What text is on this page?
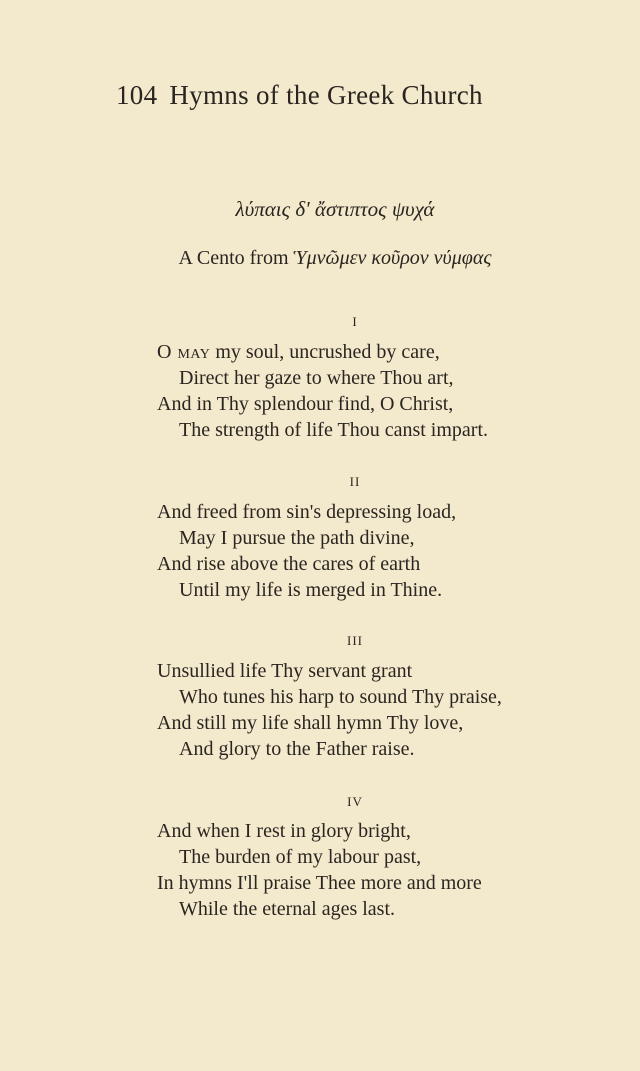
104 Hymns of the Greek Church
λύπαις δ' ἄστιπτος ψυχά
A Cento from Ὑμνῶμεν κοῦρον νύμφας
I
O may my soul, uncrushed by care,
Direct her gaze to where Thou art,
And in Thy splendour find, O Christ,
The strength of life Thou canst impart.
II
And freed from sin's depressing load,
May I pursue the path divine,
And rise above the cares of earth
Until my life is merged in Thine.
III
Unsullied life Thy servant grant
Who tunes his harp to sound Thy praise,
And still my life shall hymn Thy love,
And glory to the Father raise.
IV
And when I rest in glory bright,
The burden of my labour past,
In hymns I'll praise Thee more and more
While the eternal ages last.
